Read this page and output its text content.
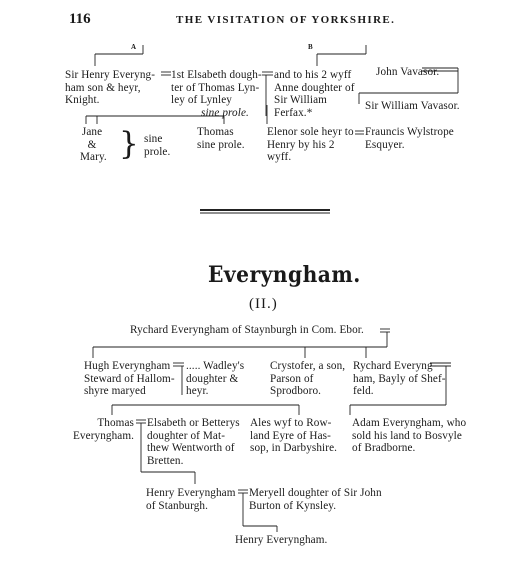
116	THE VISITATION OF YORKSHIRE.
A	B
Sir Henry Everyng-
ham son & heyr,
Knight.
1st Elsabeth dough-
ter of Thomas Lyn-
ley of Lynley
sine prole.
and to his 2 wyff
Anne doughter of
Sir William
Ferfax.*
John Vavasor.
Sir William Vavasor.
Jane
&
Mary. } sine
prole.
Thomas
sine prole.
Elenor sole heyr to
Henry by his 2
wyff.
Frauncis Wylstrope
Esquyer.
Everyngham.
(II.)
Rychard Everyngham of Staynburgh in Com. Ebor.
Hugh Everyngham
Steward of Hallom-
shyre maryed
..... Wadley's
doughter &
heyr.
Crystofer, a son,
Parson of
Sprodboro.
Rychard Everyng-
ham, Bayly of Shef-
feld.
Thomas
Everyngham.
Elsabeth or Betterys
doughter of Mat-
thew Wentworth of
Bretten.
Ales wyf to Row-
land Eyre of Has-
sop, in Darbyshire.
Adam Everyngham, who
sold his land to Bosvyle
of Bradborne.
Henry Everyngham
of Stanburgh.
Meryell doughter of Sir John
Burton of Kynsley.
Henry Everyngham.
